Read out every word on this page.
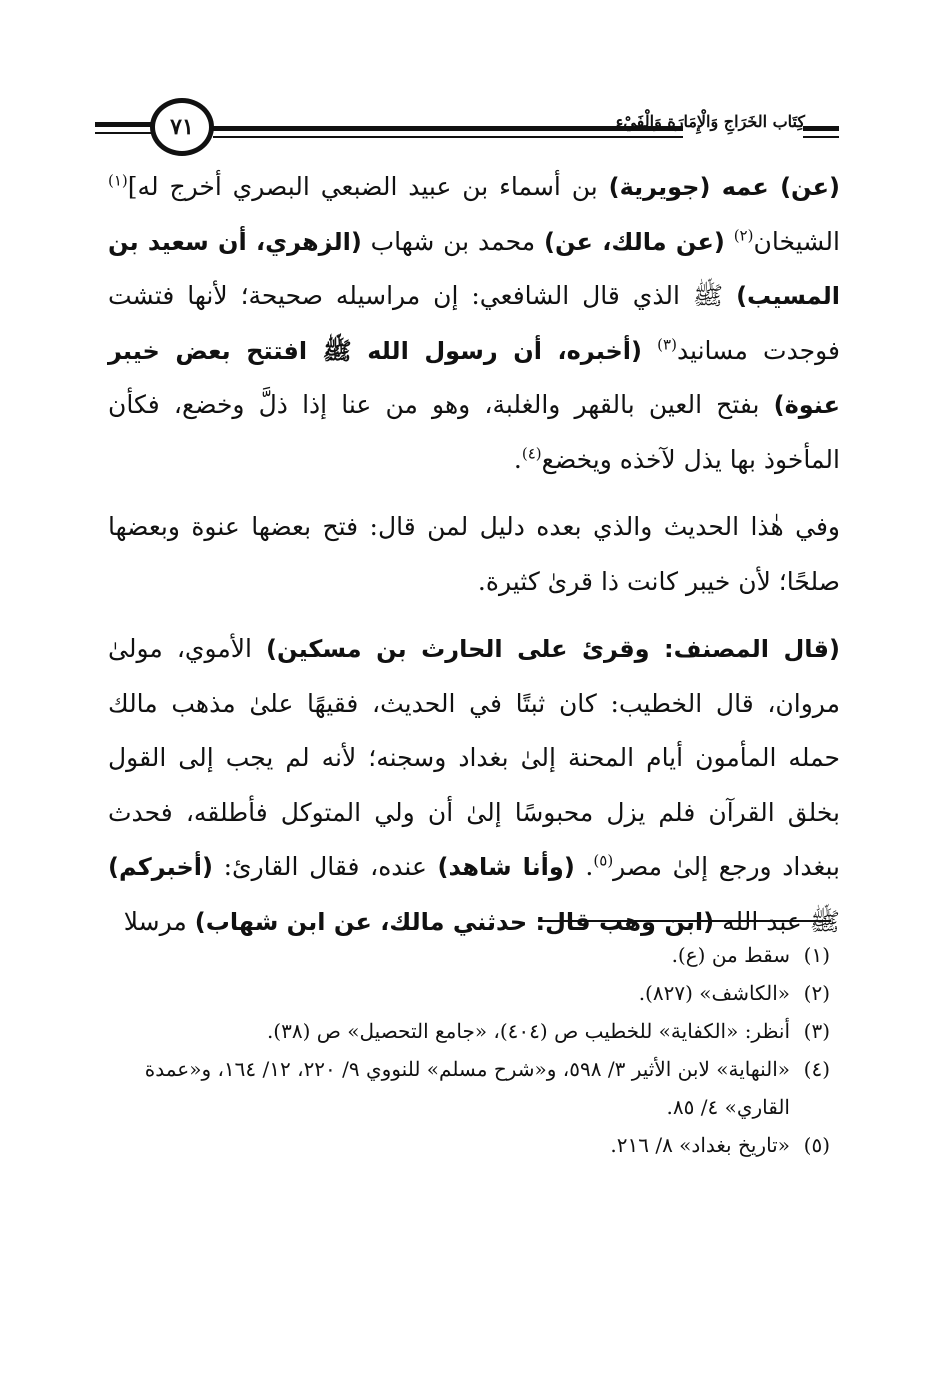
٧١	كِتَاب الخَرَاجِ وَالْإِمَارَةِ وَالْفَيْءِ

(عن) عمه (جويرية) بن أسماء بن عبيد الضبعي البصري أخرج له]$^{(١)}$ الشيخان$^{(٢)}$ (عن مالك، عن) محمد بن شهاب (الزهري، أن سعيد بن المسيب) ﷺ الذي قال الشافعي: إن مراسيله صحيحة؛ لأنها فتشت فوجدت مسانيد$^{(٣)}$ (أخبره، أن رسول الله ﷺ افتتح بعض خيبر عنوة) بفتح العين بالقهر والغلبة، وهو من عنا إذا ذلَّ وخضع، فكأن المأخوذ بها يذل لآخذه ويخضع$^{(٤)}$.

وفي هٰذا الحديث والذي بعده دليل لمن قال: فتح بعضها عنوة وبعضها صلحًا؛ لأن خيبر كانت ذا قرىٰ كثيرة.

(قال المصنف: وقرئ على الحارث بن مسكين) الأموي، مولىٰ مروان، قال الخطيب: كان ثبتًا في الحديث، فقيهًا علىٰ مذهب مالك حمله المأمون أيام المحنة إلىٰ بغداد وسجنه؛ لأنه لم يجب إلى القول بخلق القرآن فلم يزل محبوسًا إلىٰ أن ولي المتوكل فأطلقه، فحدث ببغداد ورجع إلىٰ مصر$^{(٥)}$. (وأنا شاهد) عنده، فقال القارئ: (أخبركم) ﷺ عبد الله (ابن وهب قال: حدثني مالك، عن ابن شهاب) مرسلا

(١)
سقط من (ع).
(٢)
«الكاشف» (٨٢٧).
(٣)
أنظر: «الكفاية» للخطيب ص (٤٠٤)، «جامع التحصيل» ص (٣٨).
(٤)
«النهاية» لابن الأثير ٣/ ٥٩٨، و«شرح مسلم» للنووي ٩/ ٢٢٠، ١٢/ ١٦٤، و«عمدة القاري» ٤/ ٨٥.
(٥)
«تاريخ بغداد» ٨/ ٢١٦.
